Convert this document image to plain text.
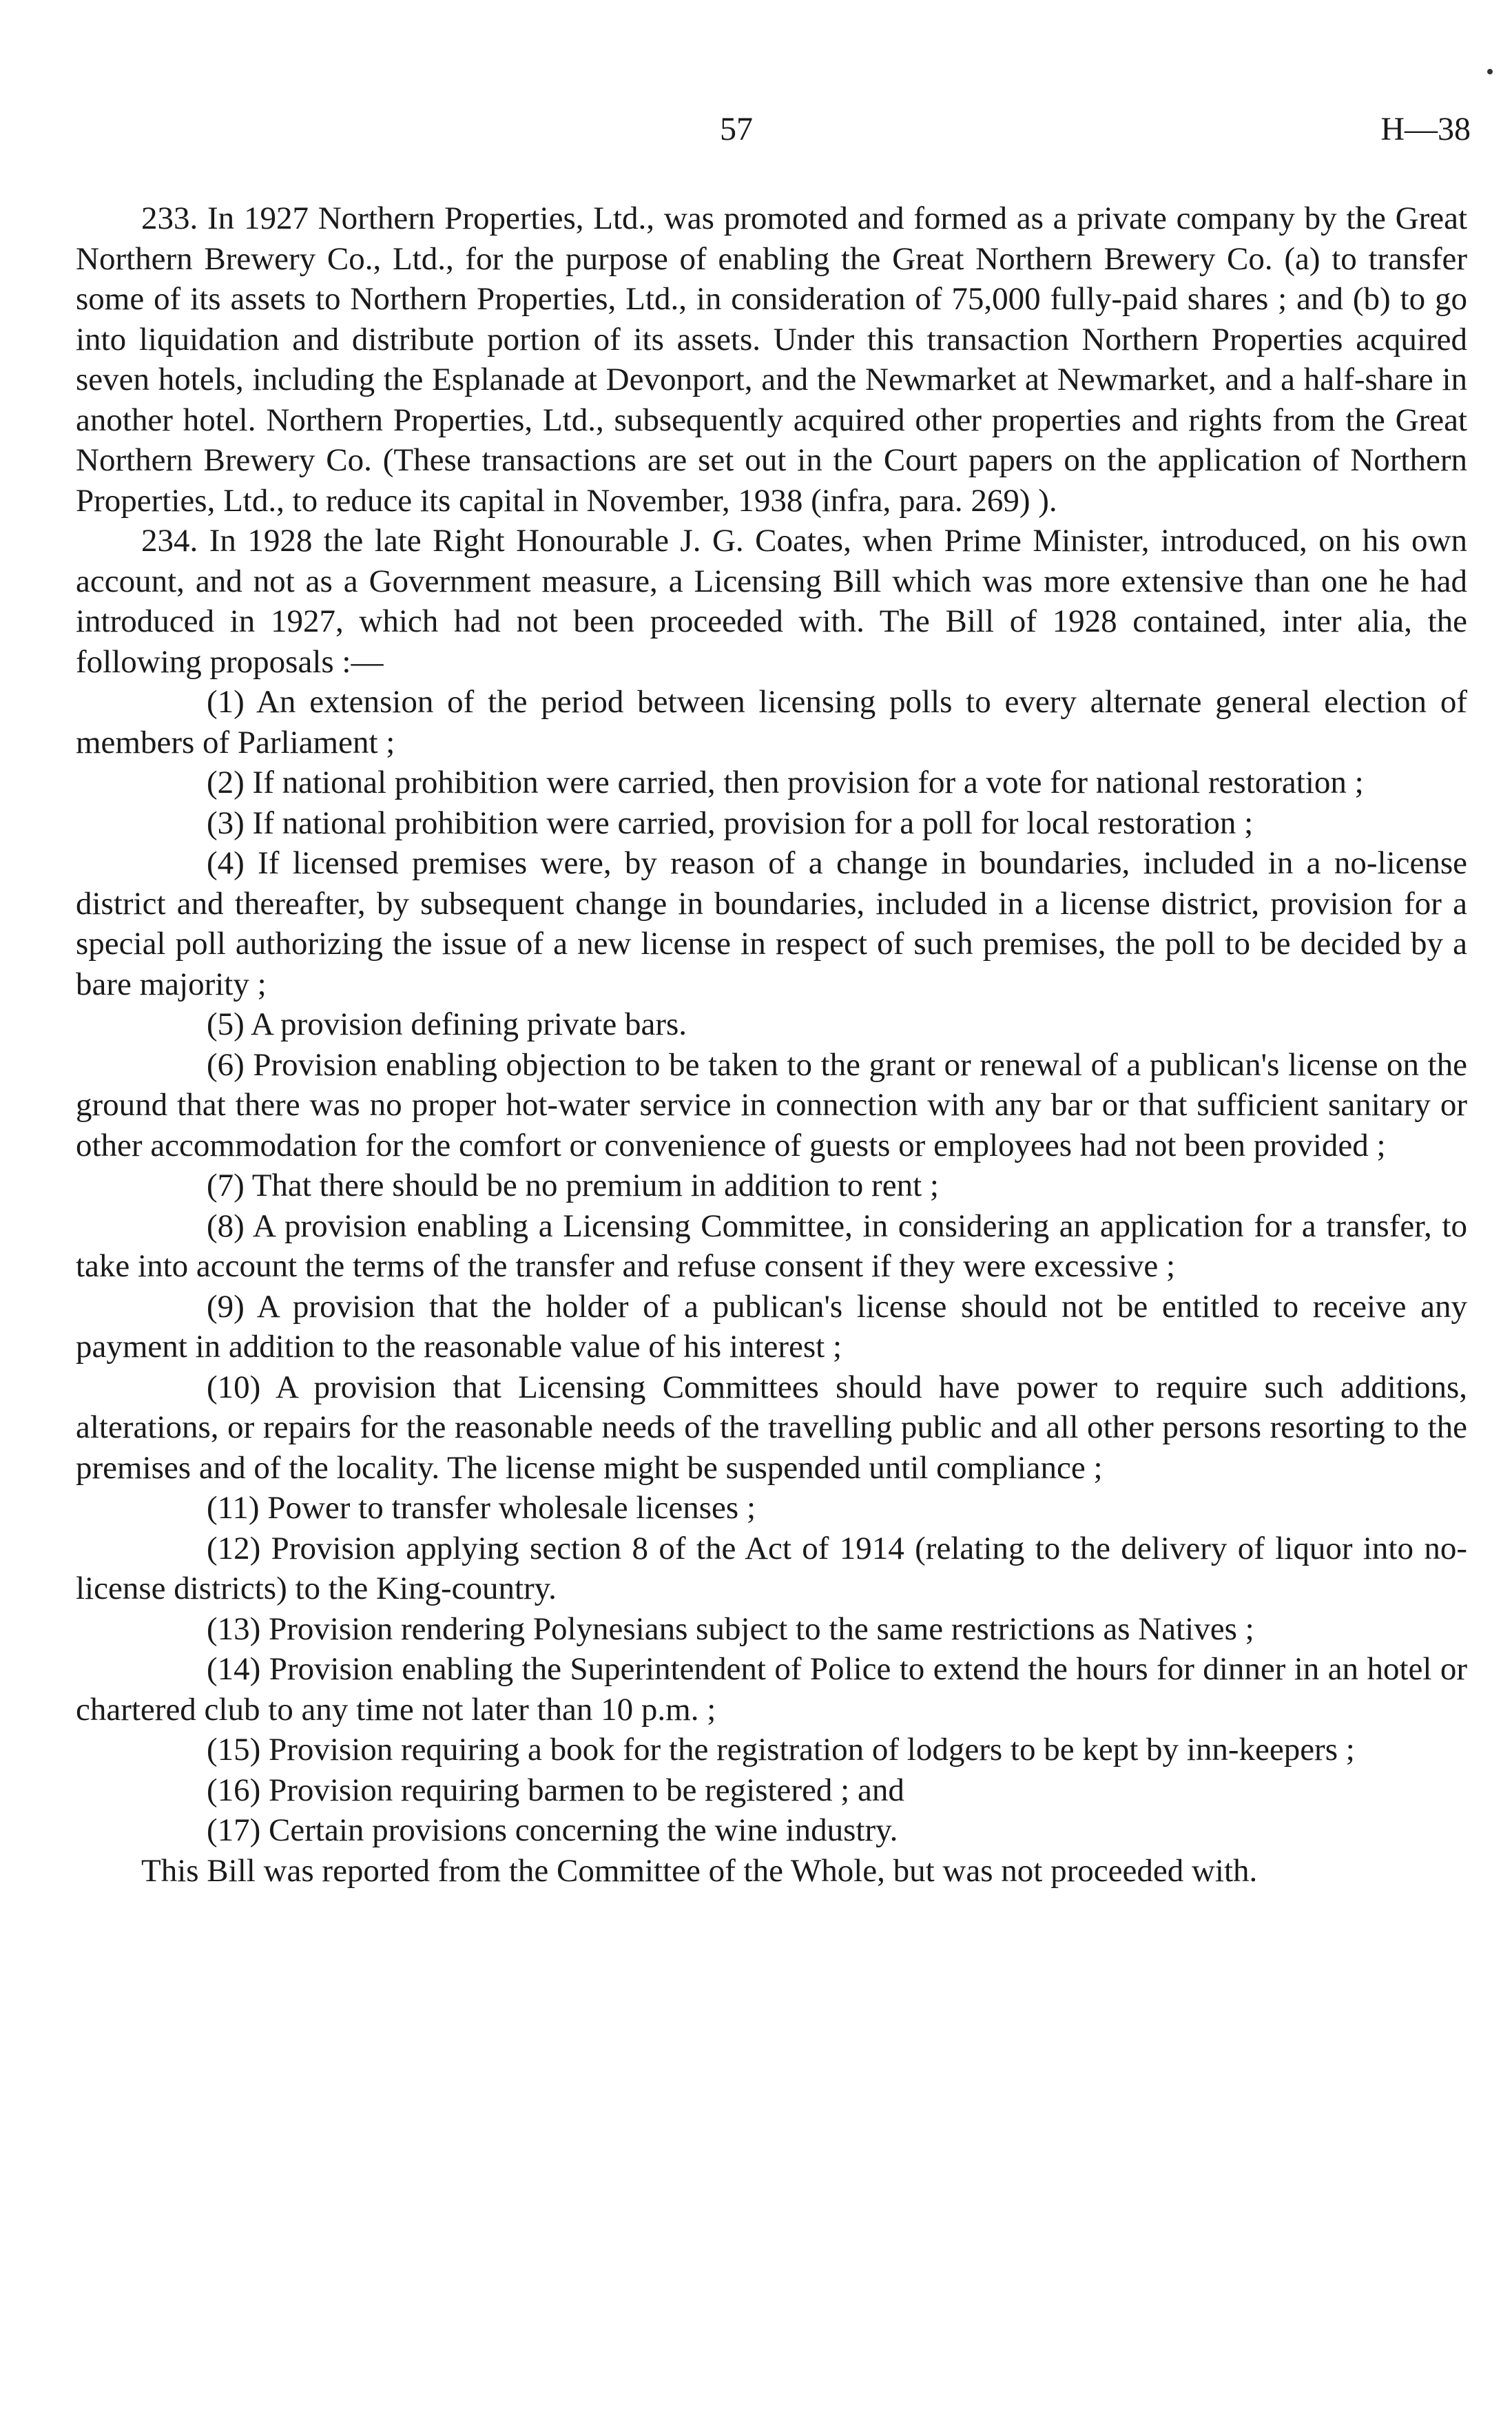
57	H—38

233. In 1927 Northern Properties, Ltd., was promoted and formed as a private company by the Great Northern Brewery Co., Ltd., for the purpose of enabling the Great Northern Brewery Co. (a) to transfer some of its assets to Northern Properties, Ltd., in consideration of 75,000 fully-paid shares ; and (b) to go into liquidation and distribute portion of its assets. Under this transaction Northern Properties acquired seven hotels, including the Esplanade at Devonport, and the Newmarket at Newmarket, and a half-share in another hotel. Northern Properties, Ltd., subsequently acquired other properties and rights from the Great Northern Brewery Co. (These transactions are set out in the Court papers on the application of Northern Properties, Ltd., to reduce its capital in November, 1938 (infra, para. 269) ).

234. In 1928 the late Right Honourable J. G. Coates, when Prime Minister, introduced, on his own account, and not as a Government measure, a Licensing Bill which was more extensive than one he had introduced in 1927, which had not been proceeded with. The Bill of 1928 contained, inter alia, the following proposals :—

(1) An extension of the period between licensing polls to every alternate general election of members of Parliament ;

(2) If national prohibition were carried, then provision for a vote for national restoration ;

(3) If national prohibition were carried, provision for a poll for local restoration ;

(4) If licensed premises were, by reason of a change in boundaries, included in a no-license district and thereafter, by subsequent change in boundaries, included in a license district, provision for a special poll authorizing the issue of a new license in respect of such premises, the poll to be decided by a bare majority ;

(5) A provision defining private bars.

(6) Provision enabling objection to be taken to the grant or renewal of a publican's license on the ground that there was no proper hot-water service in connection with any bar or that sufficient sanitary or other accommodation for the comfort or convenience of guests or employees had not been provided ;

(7) That there should be no premium in addition to rent ;

(8) A provision enabling a Licensing Committee, in considering an application for a transfer, to take into account the terms of the transfer and refuse consent if they were excessive ;

(9) A provision that the holder of a publican's license should not be entitled to receive any payment in addition to the reasonable value of his interest ;

(10) A provision that Licensing Committees should have power to require such additions, alterations, or repairs for the reasonable needs of the travelling public and all other persons resorting to the premises and of the locality. The license might be suspended until compliance ;

(11) Power to transfer wholesale licenses ;

(12) Provision applying section 8 of the Act of 1914 (relating to the delivery of liquor into no-license districts) to the King-country.

(13) Provision rendering Polynesians subject to the same restrictions as Natives ;

(14) Provision enabling the Superintendent of Police to extend the hours for dinner in an hotel or chartered club to any time not later than 10 p.m. ;

(15) Provision requiring a book for the registration of lodgers to be kept by inn-keepers ;

(16) Provision requiring barmen to be registered ; and

(17) Certain provisions concerning the wine industry.

This Bill was reported from the Committee of the Whole, but was not proceeded with.
